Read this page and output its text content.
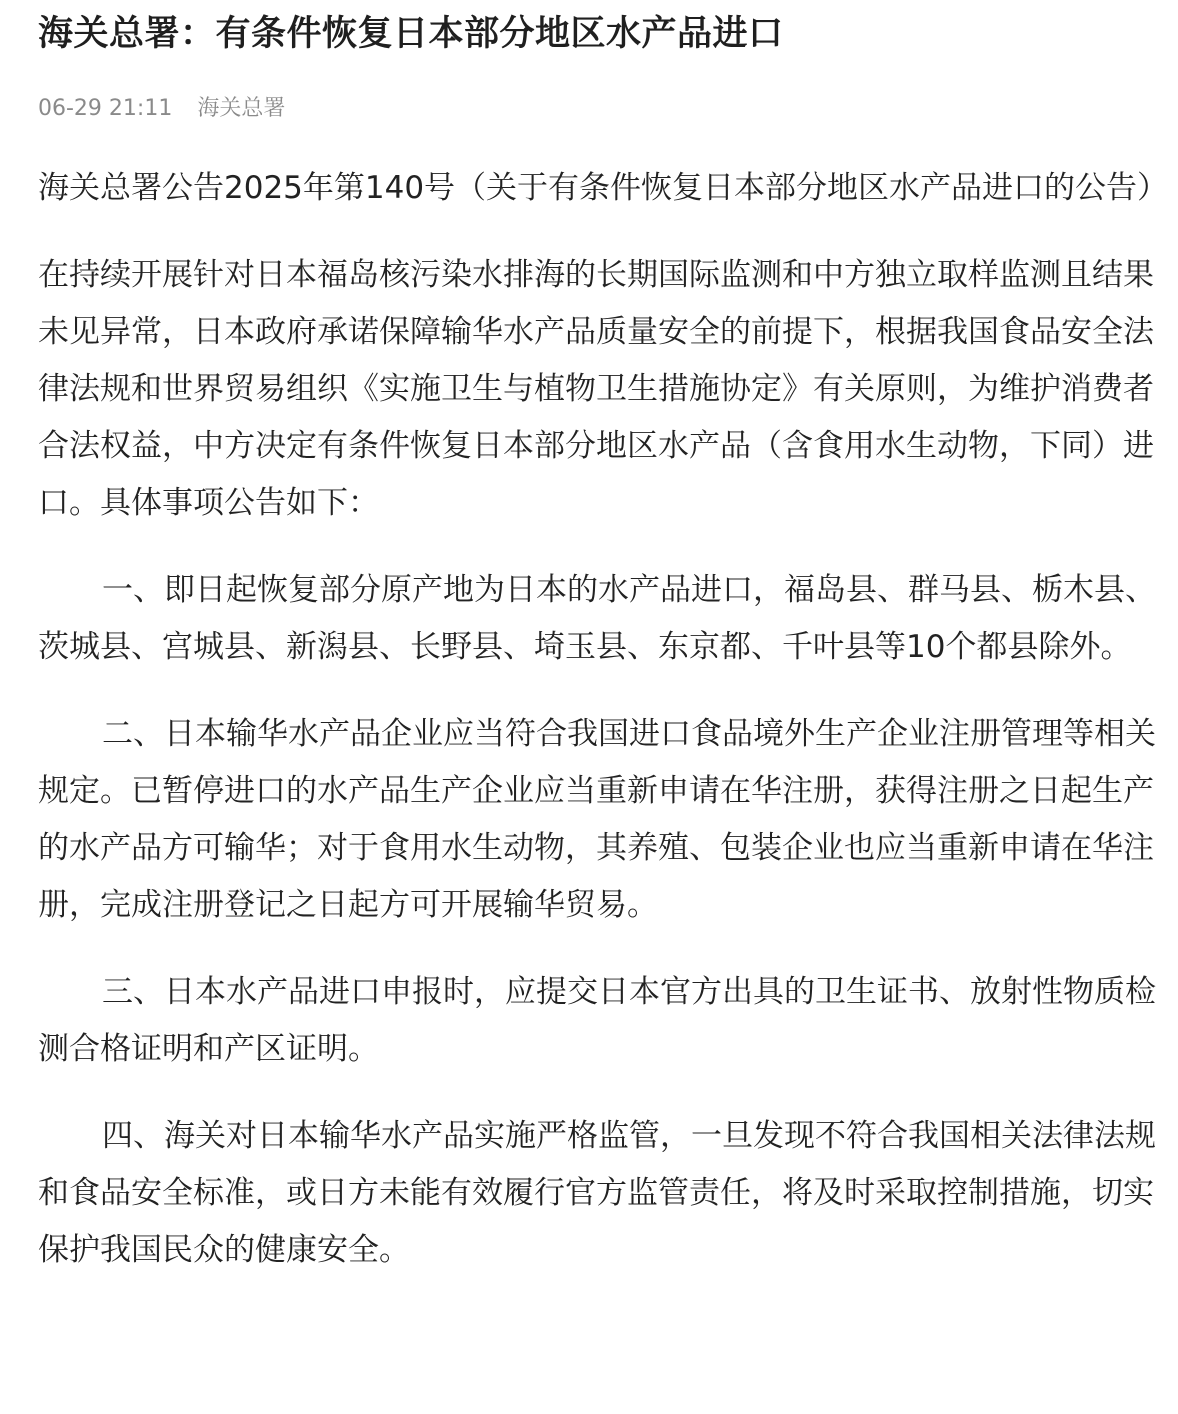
海关总署：有条件恢复日本部分地区水产品进口
06-29 21:11 海关总署

海关总署公告2025年第140号（关于有条件恢复日本部分地区水产品进口的公告）

在持续开展针对日本福岛核污染水排海的长期国际监测和中方独立取样监测且结果未见异常，日本政府承诺保障输华水产品质量安全的前提下，根据我国食品安全法律法规和世界贸易组织《实施卫生与植物卫生措施协定》有关原则，为维护消费者合法权益，中方决定有条件恢复日本部分地区水产品（含食用水生动物，下同）进口。具体事项公告如下：

一、即日起恢复部分原产地为日本的水产品进口，福岛县、群马县、栃木县、茨城县、宫城县、新潟县、长野县、埼玉县、东京都、千叶县等10个都县除外。

二、日本输华水产品企业应当符合我国进口食品境外生产企业注册管理等相关规定。已暂停进口的水产品生产企业应当重新申请在华注册，获得注册之日起生产的水产品方可输华；对于食用水生动物，其养殖、包装企业也应当重新申请在华注册，完成注册登记之日起方可开展输华贸易。

三、日本水产品进口申报时，应提交日本官方出具的卫生证书、放射性物质检测合格证明和产区证明。

四、海关对日本输华水产品实施严格监管，一旦发现不符合我国相关法律法规和食品安全标准，或日方未能有效履行官方监管责任，将及时采取控制措施，切实保护我国民众的健康安全。
